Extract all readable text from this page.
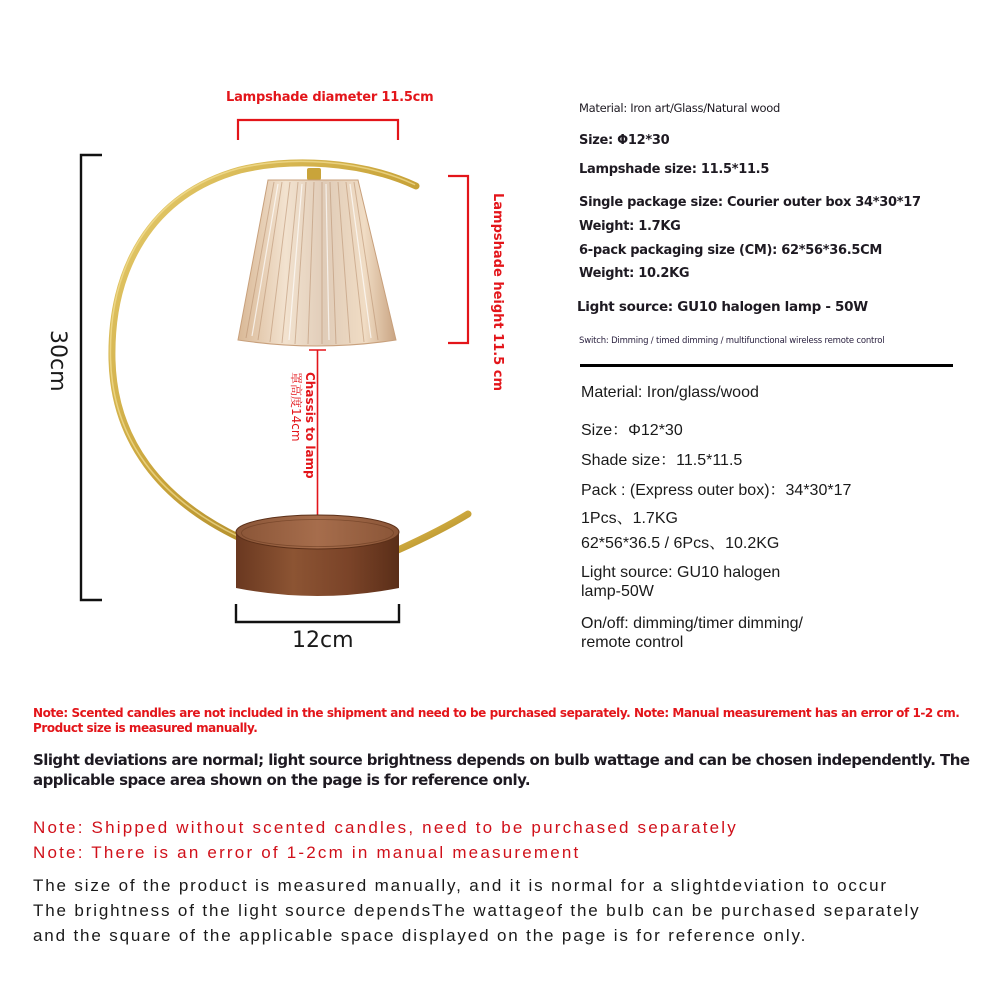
Lampshade diameter 11.5cm
Lampshade height 11.5 cm
Chassis to lamp
罩高度14cm
30cm
12cm
Material: Iron art/Glass/Natural wood
Size: Φ12*30
Lampshade size: 11.5*11.5
Single package size: Courier outer box 34*30*17
Weight: 1.7KG
6-pack packaging size (CM): 62*56*36.5CM
Weight: 10.2KG
Light source: GU10 halogen lamp - 50W
Switch: Dimming / timed dimming / multifunctional wireless remote control
Material: Iron/glass/wood
Size：Φ12*30
Shade size：11.5*11.5
Pack : (Express outer box)：34*30*17
1Pcs、1.7KG
62*56*36.5 / 6Pcs、10.2KG
Light source: GU10 halogen lamp-50W
On/off: dimming/timer dimming/ remote control
Note: Scented candles are not included in the shipment and need to be purchased separately. Note: Manual measurement has an error of 1-2 cm. Product size is measured manually.
Slight deviations are normal; light source brightness depends on bulb wattage and can be chosen independently. The applicable space area shown on the page is for reference only.
Note: Shipped without scented candles, need to be purchased separately
Note: There is an error of 1-2cm in manual measurement
The size of the product is measured manually, and it is normal for a slightdeviation to occur
The brightness of the light source dependsThe wattageof the bulb can be purchased separately
and the square of the applicable space displayed on the page is for reference only.
